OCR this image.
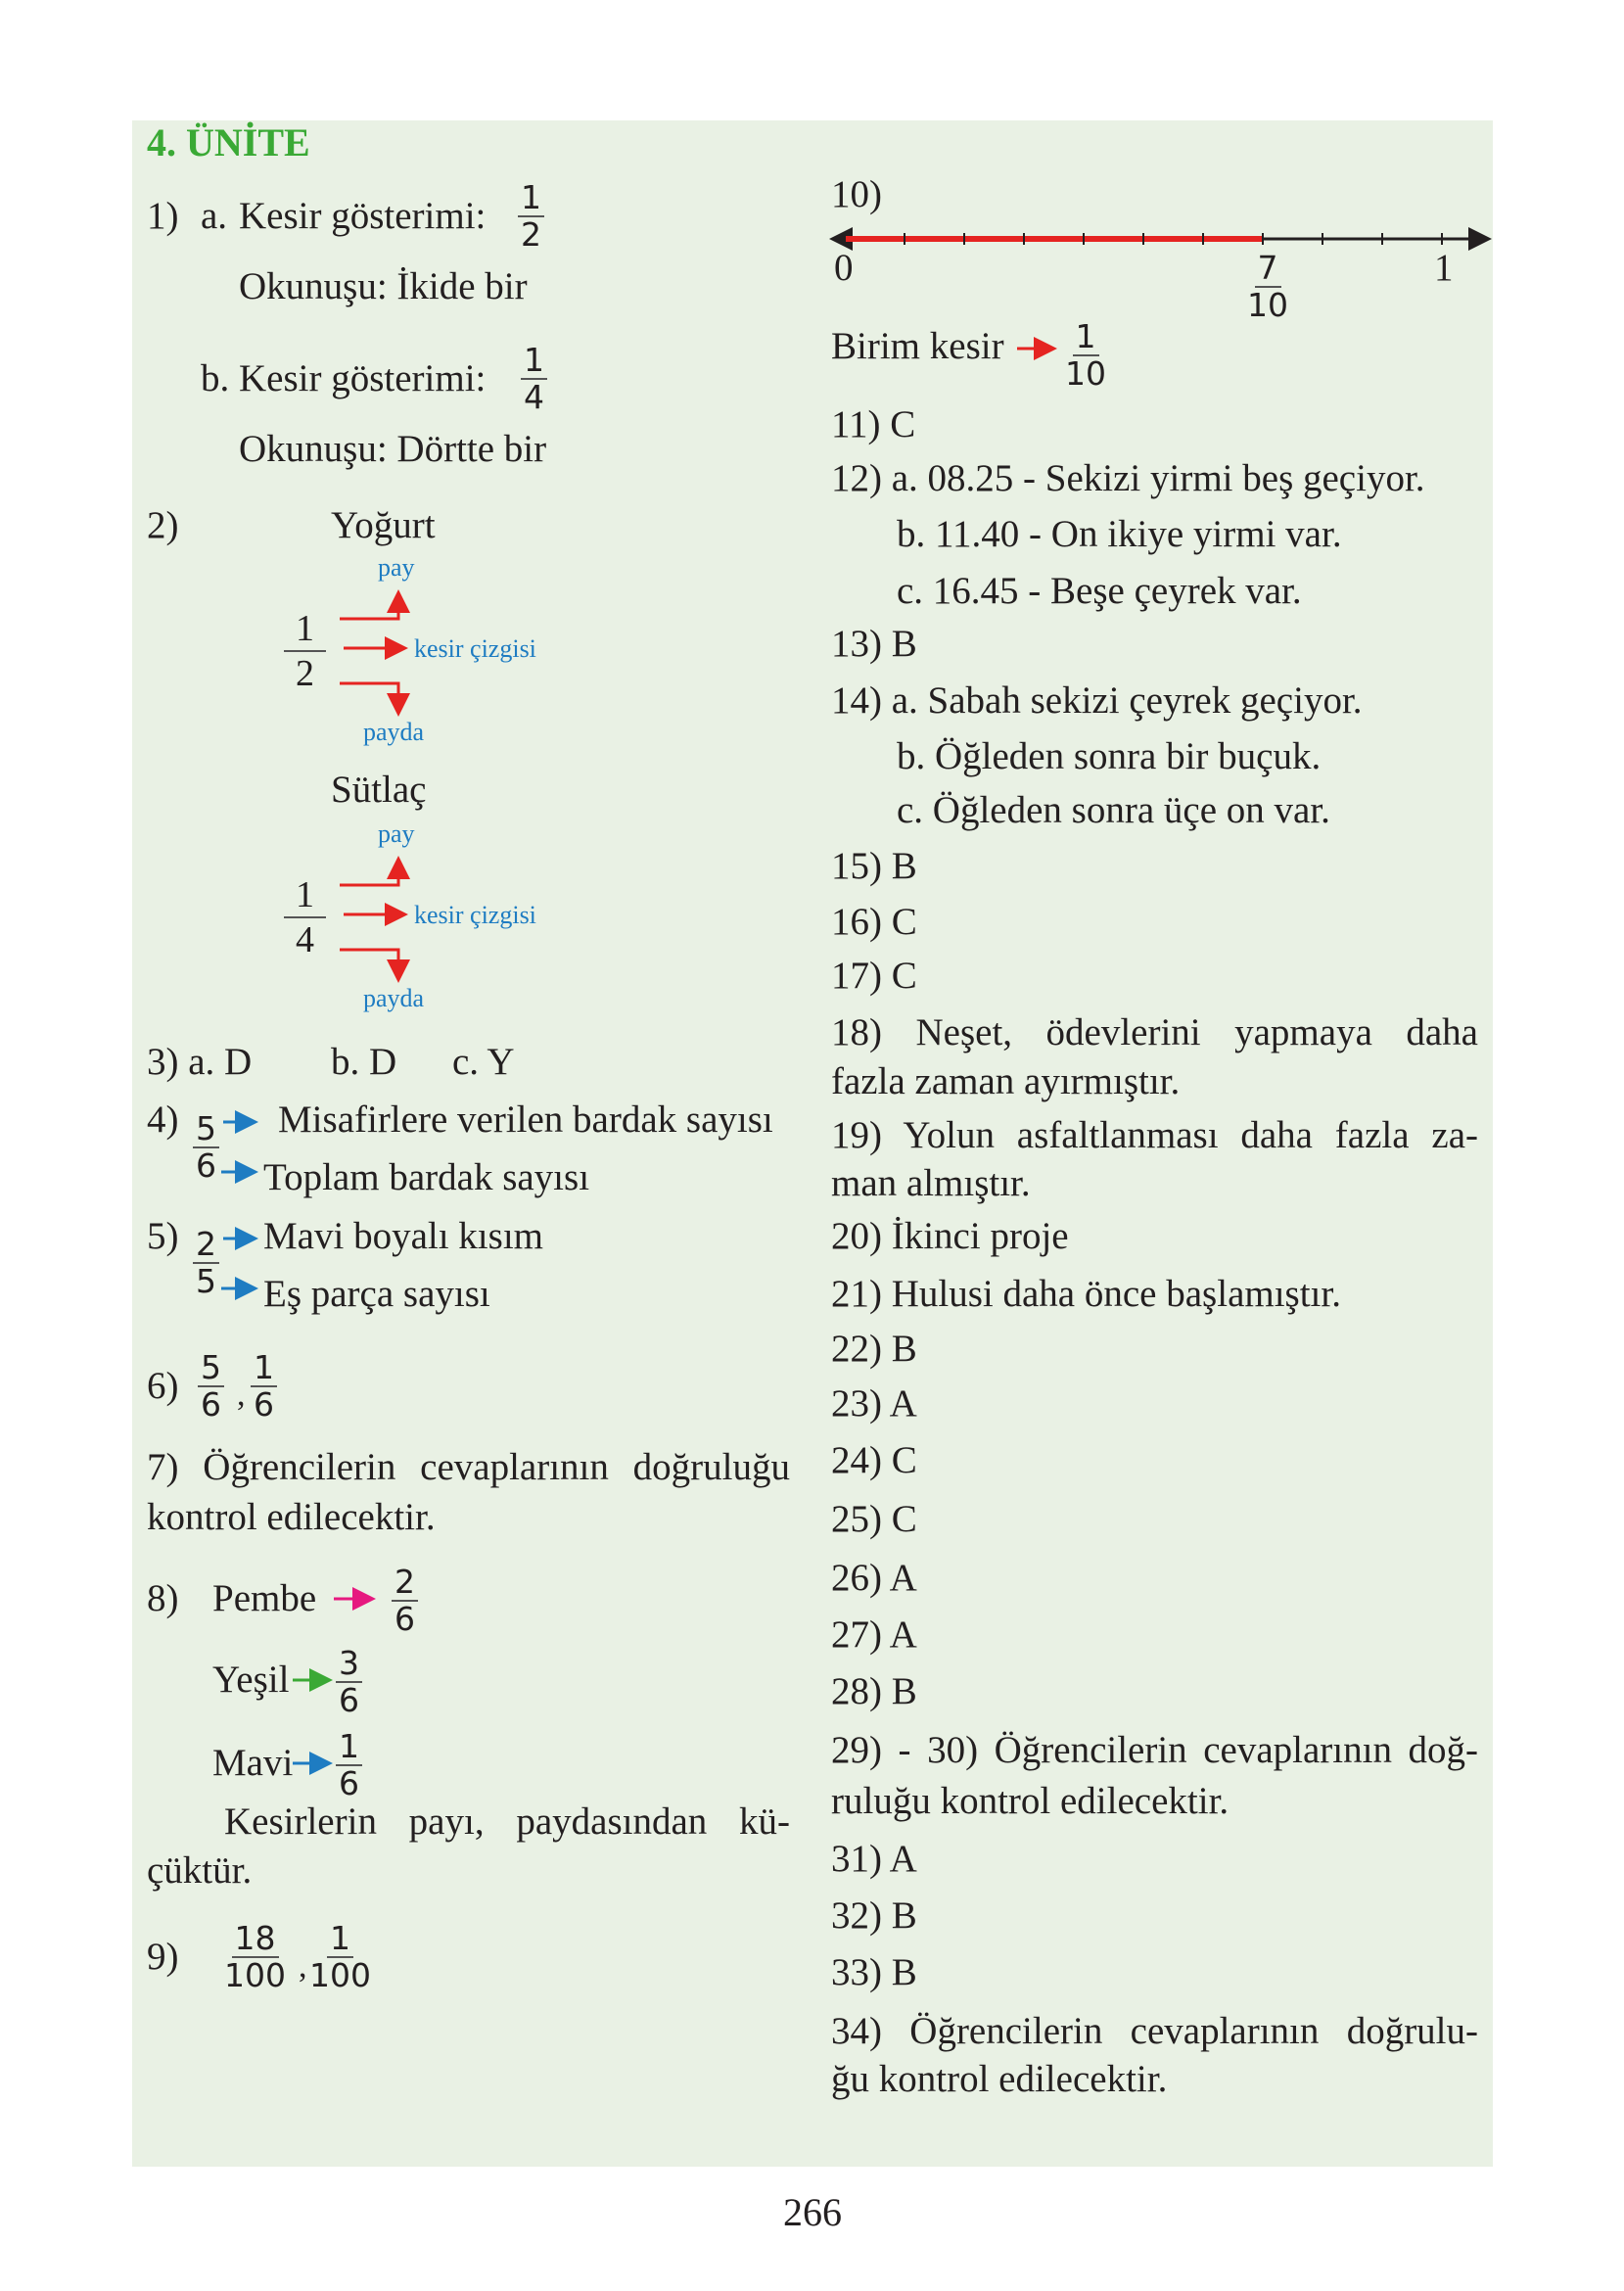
4. ÜNİTE
1) a. Kesir gösterimi: $\frac{1}{2}$
Okunuşu: İkide bir
b. Kesir gösterimi: $\frac{1}{4}$
Okunuşu: Dörtte bir
2)	Yoğurt
pay
$\frac{1}{2}$	kesir çizgisi
payda
Sütlaç
pay
$\frac{1}{4}$	kesir çizgisi
payda
3) a. D b. D c. Y
$4) \frac{5}{6}$ Misafirlere verilen bardak sayısı
Toplam bardak sayısı
$5) \frac{2}{5}$ Mavi boyalı kısım
Eş parça sayısı
$6) \frac{5}{6}$ , $\frac{1}{6}$
7) Öğrencilerin cevaplarının doğruluğu
kontrol edilecektir.
8) Pembe $\frac{2}{6}$
Yeşil $\frac{3}{6}$
Mavi $\frac{1}{6}$
Kesirlerin payı, paydasından kü-
çüktür.
$9) \frac{18}{100}$ , $\frac{1}{100}$
10)
0	$\frac{7}{10}$	1
Birim kesir $\frac{1}{10}$
11) C
12) a. 08.25 - Sekizi yirmi beş geçiyor.
b. 11.40 - On ikiye yirmi var.
c. 16.45 - Beşe çeyrek var.
13) B
14) a. Sabah sekizi çeyrek geçiyor.
b. Öğleden sonra bir buçuk.
c. Öğleden sonra üçe on var.
15) B
16) C
17) C
18) Neşet, ödevlerini yapmaya daha
fazla zaman ayırmıştır.
19) Yolun asfaltlanması daha fazla za-
man almıştır.
20) İkinci proje
21) Hulusi daha önce başlamıştır.
22) B
23) A
24) C
25) C
26) A
27) A
28) B
29) - 30) Öğrencilerin cevaplarının doğ-
ruluğu kontrol edilecektir.
31) A
32) B
33) B
34) Öğrencilerin cevaplarının doğrulu-
ğu kontrol edilecektir.
266
